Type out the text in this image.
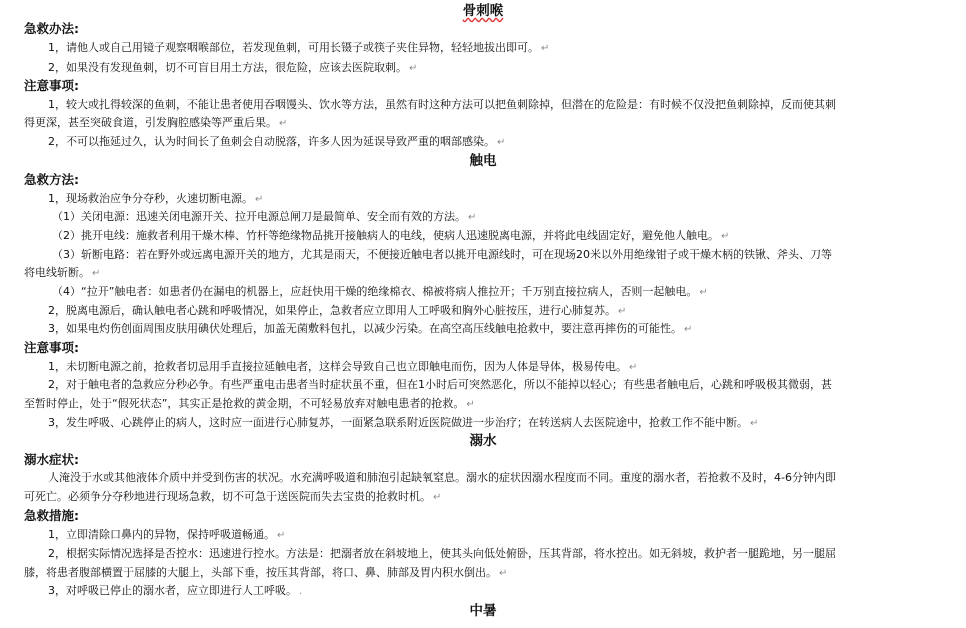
骨刺喉
急救办法:
1，请他人或自己用镜子观察咽喉部位，若发现鱼刺，可用长镊子或筷子夹住异物，轻轻地拔出即可。 ↵
2，如果没有发现鱼刺，切不可盲目用土方法，很危险，应该去医院取刺。 ↵
注意事项:
1，较大或扎得较深的鱼刺，不能让患者使用吞咽馒头、饮水等方法，虽然有时这种方法可以把鱼刺除掉，但潜在的危险是：有时候不仅没把鱼刺除掉，反而使其刺
得更深，甚至突破食道，引发胸腔感染等严重后果。 ↵
2，不可以拖延过久，认为时间长了鱼刺会自动脱落，许多人因为延误导致严重的咽部感染。 ↵
触电
急救方法:
1，现场救治应争分夺秒，火速切断电源。 ↵
（1）关闭电源：迅速关闭电源开关、拉开电源总闸刀是最简单、安全而有效的方法。 ↵
（2）挑开电线：施救者利用干燥木棒、竹杆等绝缘物品挑开接触病人的电线，使病人迅速脱离电源，并将此电线固定好，避免他人触电。 ↵
（3）斩断电路：若在野外或远离电源开关的地方，尤其是雨天，不便接近触电者以挑开电源线时，可在现场20米以外用绝缘钳子或干燥木柄的铁锹、斧头、刀等
将电线斩断。 ↵
（4）“拉开”触电者：如患者仍在漏电的机器上，应赶快用干燥的绝缘棉衣、棉被将病人推拉开；千万别直接拉病人，否则一起触电。 ↵
2，脱离电源后，确认触电者心跳和呼吸情况，如果停止，急救者应立即用人工呼吸和胸外心脏按压，进行心肺复苏。 ↵
3，如果电灼伤创面周围皮肤用碘伏处理后，加盖无菌敷料包扎，以减少污染。在高空高压线触电抢救中，要注意再摔伤的可能性。 ↵
注意事项:
1，未切断电源之前，抢救者切忌用手直接拉延触电者，这样会导致自己也立即触电而伤，因为人体是导体，极易传电。 ↵
2，对于触电者的急救应分秒必争。有些严重电击患者当时症状虽不重，但在1小时后可突然恶化，所以不能掉以轻心；有些患者触电后，心跳和呼吸极其微弱，甚
至暂时停止，处于“假死状态”，其实正是抢救的黄金期，不可轻易放弃对触电患者的抢救。 ↵
3，发生呼吸、心跳停止的病人，这时应一面进行心肺复苏，一面紧急联系附近医院做进一步治疗；在转送病人去医院途中，抢救工作不能中断。 ↵
溺水
溺水症状:
人淹没于水或其他液体介质中并受到伤害的状况。水充满呼吸道和肺泡引起缺氧窒息。溺水的症状因溺水程度而不同。重度的溺水者，若抢救不及时，4-6分钟内即
可死亡。必须争分夺秒地进行现场急救，切不可急于送医院而失去宝贵的抢救时机。 ↵
急救措施:
1，立即清除口鼻内的异物，保持呼吸道畅通。 ↵
2，根据实际情况选择是否控水：迅速进行控水。方法是：把溺者放在斜坡地上，使其头向低处俯卧，压其背部，将水控出。如无斜坡，救护者一腿跪地，另一腿屈
膝，将患者腹部横置于屈膝的大腿上，头部下垂，按压其背部，将口、鼻、肺部及胃内积水倒出。 ↵
3，对呼吸已停止的溺水者，应立即进行人工呼吸。 .
中暑
